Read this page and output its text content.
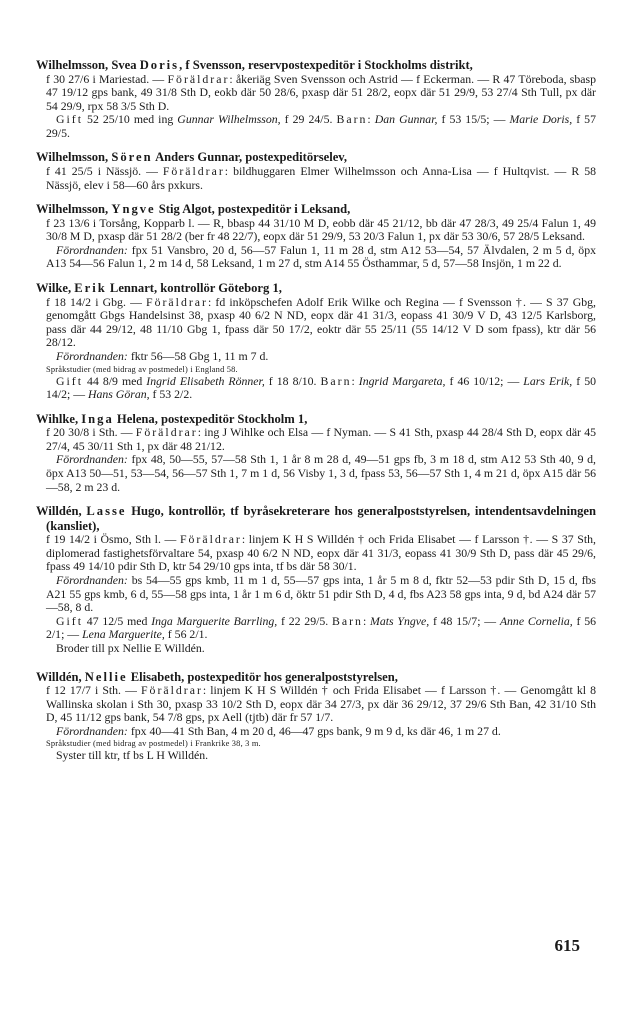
Wilhelmsson, Svea Doris, f Svensson, reservpostexpeditör i Stockholms distrikt,

f 30 27/6 i Mariestad. — Föräldrar: åkeriäg Sven Svensson och Astrid — f Eckerman. — R 47 Töreboda, sbasp 47 19/12 gps bank, 49 31/8 Sth D, eokb där 50 28/6, pxasp där 51 28/2, eopx där 51 29/9, 53 27/4 Sth Tull, px där 54 29/9, rpx 58 3/5 Sth D.

Gift 52 25/10 med ing Gunnar Wilhelmsson, f 29 24/5. Barn: Dan Gunnar, f 53 15/5; — Marie Doris, f 57 29/5.

Wilhelmsson, Sören Anders Gunnar, postexpeditörselev,

f 41 25/5 i Nässjö. — Föräldrar: bildhuggaren Elmer Wilhelmsson och Anna-Lisa — f Hultqvist. — R 58 Nässjö, elev i 58—60 års pxkurs.

Wilhelmsson, Yngve Stig Algot, postexpeditör i Leksand,

f 23 13/6 i Torsång, Kopparb l. — R, bbasp 44 31/10 M D, eobb där 45 21/12, bb där 47 28/3, 49 25/4 Falun 1, 49 30/8 M D, pxasp där 51 28/2 (ber fr 48 22/7), eopx där 51 29/9, 53 20/3 Falun 1, px där 53 30/6, 57 28/5 Leksand.

Förordnanden: fpx 51 Vansbro, 20 d, 56—57 Falun 1, 11 m 28 d, stm A12 53—54, 57 Älvdalen, 2 m 5 d, öpx A13 54—56 Falun 1, 2 m 14 d, 58 Leksand, 1 m 27 d, stm A14 55 Östhammar, 5 d, 57—58 Insjön, 1 m 22 d.

Wilke, Erik Lennart, kontrollör Göteborg 1,

f 18 14/2 i Gbg. — Föräldrar: fd inköpschefen Adolf Erik Wilke och Regina — f Svensson †. — S 37 Gbg, genomgått Gbgs Handelsinst 38, pxasp 40 6/2 N ND, eopx där 41 31/3, eopass 41 30/9 V D, 43 12/5 Karlsborg, pass där 44 29/12, 48 11/10 Gbg 1, fpass där 50 17/2, eoktr där 55 25/11 (55 14/12 V D som fpass), ktr där 56 28/12.

Förordnanden: fktr 56—58 Gbg 1, 11 m 7 d.

Språkstudier (med bidrag av postmedel) i England 58.

Gift 44 8/9 med Ingrid Elisabeth Rönner, f 18 8/10. Barn: Ingrid Margareta, f 46 10/12; — Lars Erik, f 50 14/2; — Hans Göran, f 53 2/2.

Wihlke, Inga Helena, postexpeditör Stockholm 1,

f 20 30/8 i Sth. — Föräldrar: ing J Wihlke och Elsa — f Nyman. — S 41 Sth, pxasp 44 28/4 Sth D, eopx där 45 27/4, 45 30/11 Sth 1, px där 48 21/12.

Förordnanden: fpx 48, 50—55, 57—58 Sth 1, 1 år 8 m 28 d, 49—51 gps fb, 3 m 18 d, stm A12 53 Sth 40, 9 d, öpx A13 50—51, 53—54, 56—57 Sth 1, 7 m 1 d, 56 Visby 1, 3 d, fpass 53, 56—57 Sth 1, 4 m 21 d, öpx A15 där 56—58, 2 m 23 d.

Willdén, Lasse Hugo, kontrollör, tf byråsekreterare hos generalpoststyrelsen, intendentsavdelningen (kansliet),

f 19 14/2 i Ösmo, Sth l. — Föräldrar: linjem K H S Willdén † och Frida Elisabet — f Larsson †. — S 37 Sth, diplomerad fastighetsförvaltare 54, pxasp 40 6/2 N ND, eopx där 41 31/3, eopass 41 30/9 Sth D, pass där 45 29/6, fpass 49 14/10 pdir Sth D, ktr 54 29/10 gps inta, tf bs där 58 30/1.

Förordnanden: bs 54—55 gps kmb, 11 m 1 d, 55—57 gps inta, 1 år 5 m 8 d, fktr 52—53 pdir Sth D, 15 d, fbs A21 55 gps kmb, 6 d, 55—58 gps inta, 1 år 1 m 6 d, öktr 51 pdir Sth D, 4 d, fbs A23 58 gps inta, 9 d, bd A24 där 57—58, 8 d.

Gift 47 12/5 med Inga Marguerite Barrling, f 22 29/5. Barn: Mats Yngve, f 48 15/7; — Anne Cornelia, f 56 2/1; — Lena Marguerite, f 56 2/1.

Broder till px Nellie E Willdén.

Willdén, Nellie Elisabeth, postexpeditör hos generalpoststyrelsen,

f 12 17/7 i Sth. — Föräldrar: linjem K H S Willdén † och Frida Elisabet — f Larsson †. — Genomgått kl 8 Wallinska skolan i Sth 30, pxasp 33 10/2 Sth D, eopx där 34 27/3, px där 36 29/12, 37 29/6 Sth Ban, 42 31/10 Sth D, 45 11/12 gps bank, 54 7/8 gps, px Aell (tjtb) där fr 57 1/7.

Förordnanden: fpx 40—41 Sth Ban, 4 m 20 d, 46—47 gps bank, 9 m 9 d, ks där 46, 1 m 27 d.

Språkstudier (med bidrag av postmedel) i Frankrike 38, 3 m.

Syster till ktr, tf bs L H Willdén.

615
